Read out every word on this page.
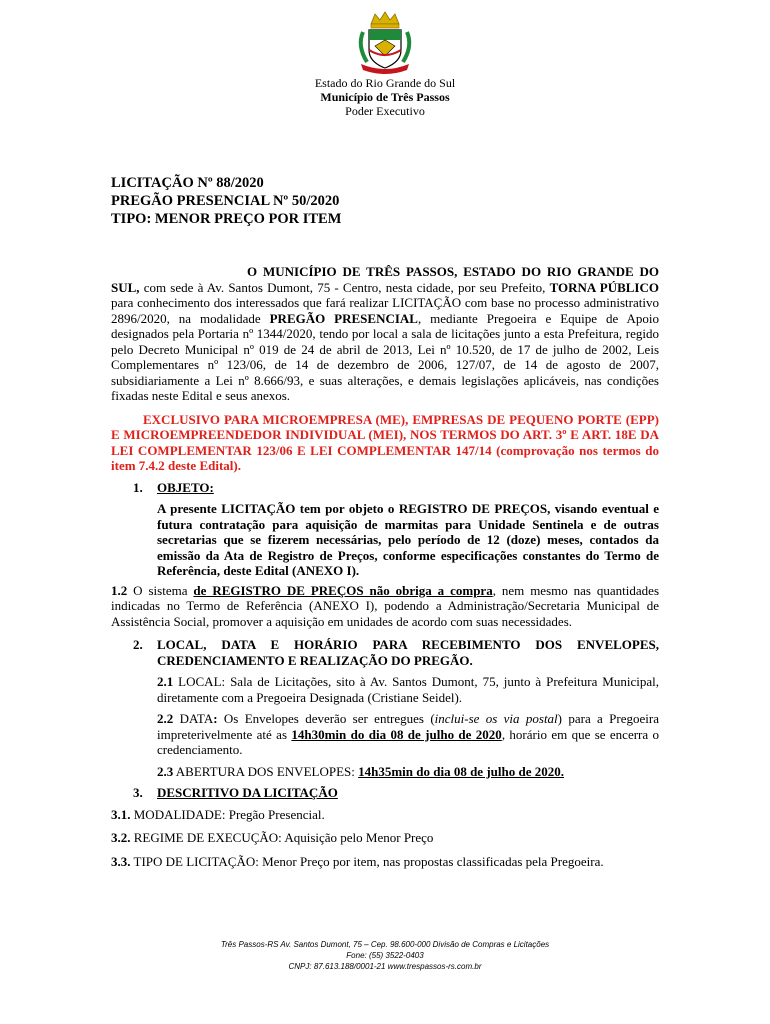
Estado do Rio Grande do Sul
Município de Três Passos
Poder Executivo
LICITAÇÃO Nº 88/2020
PREGÃO PRESENCIAL Nº 50/2020
TIPO: MENOR PREÇO POR ITEM

O MUNICÍPIO DE TRÊS PASSOS, ESTADO DO RIO GRANDE DO SUL, com sede à Av. Santos Dumont, 75 - Centro, nesta cidade, por seu Prefeito, TORNA PÚBLICO para conhecimento dos interessados que fará realizar LICITAÇÃO com base no processo administrativo 2896/2020, na modalidade PREGÃO PRESENCIAL, mediante Pregoeira e Equipe de Apoio designados pela Portaria nº 1344/2020, tendo por local a sala de licitações junto a esta Prefeitura, regido pelo Decreto Municipal nº 019 de 24 de abril de 2013, Lei nº 10.520, de 17 de julho de 2002, Leis Complementares nº 123/06, de 14 de dezembro de 2006, 127/07, de 14 de agosto de 2007, subsidiariamente a Lei nº 8.666/93, e suas alterações, e demais legislações aplicáveis, nas condições fixadas neste Edital e seus anexos.

EXCLUSIVO PARA MICROEMPRESA (ME), EMPRESAS DE PEQUENO PORTE (EPP) E MICROEMPREENDEDOR INDIVIDUAL (MEI), NOS TERMOS DO ART. 3º E ART. 18E DA LEI COMPLEMENTAR 123/06 E LEI COMPLEMENTAR 147/14 (comprovação nos termos do item 7.4.2 deste Edital).

1.	OBJETO:

A presente LICITAÇÃO tem por objeto o REGISTRO DE PREÇOS, visando eventual e futura contratação para aquisição de marmitas para Unidade Sentinela e de outras secretarias que se fizerem necessárias, pelo período de 12 (doze) meses, contados da emissão da Ata de Registro de Preços, conforme especificações constantes do Termo de Referência, deste Edital (ANEXO I).

1.2 O sistema de REGISTRO DE PREÇOS não obriga a compra, nem mesmo nas quantidades indicadas no Termo de Referência (ANEXO I), podendo a Administração/Secretaria Municipal de Assistência Social, promover a aquisição em unidades de acordo com suas necessidades.

2.	LOCAL, DATA E HORÁRIO PARA RECEBIMENTO DOS ENVELOPES, CREDENCIAMENTO E REALIZAÇÃO DO PREGÃO.

2.1 LOCAL: Sala de Licitações, sito à Av. Santos Dumont, 75, junto à Prefeitura Municipal, diretamente com a Pregoeira Designada (Cristiane Seidel).

2.2 DATA: Os Envelopes deverão ser entregues (inclui-se os via postal) para a Pregoeira impreterivelmente até as 14h30min do dia 08 de julho de 2020, horário em que se encerra o credenciamento.

2.3 ABERTURA DOS ENVELOPES: 14h35min do dia 08 de julho de 2020.

3.	DESCRITIVO DA LICITAÇÃO

3.1. MODALIDADE: Pregão Presencial.

3.2. REGIME DE EXECUÇÃO: Aquisição pelo Menor Preço

3.3. TIPO DE LICITAÇÃO: Menor Preço por item, nas propostas classificadas pela Pregoeira.

Três Passos-RS Av. Santos Dumont, 75 – Cep. 98.600-000 Divisão de Compras e Licitações
Fone: (55) 3522-0403
CNPJ: 87.613.188/0001-21 www.trespassos-rs.com.br
